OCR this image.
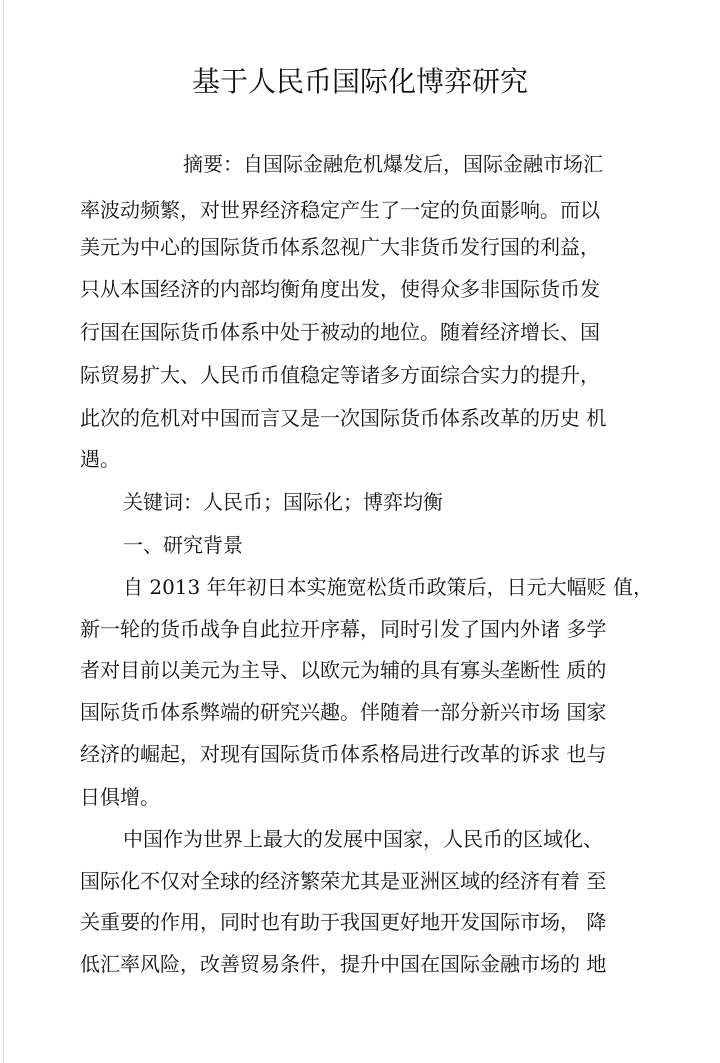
基于人民币国际化博弈研究
摘要：自国际金融危机爆发后，国际金融市场汇
率波动频繁，对世界经济稳定产生了一定的负面影响。而以
美元为中心的国际货币体系忽视广大非货币发行国的利益，
只从本国经济的内部均衡角度出发，使得众多非国际货币发
行国在国际货币体系中处于被动的地位。随着经济增长、国
际贸易扩大、人民币币值稳定等诸多方面综合实力的提升，
此次的危机对中国而言又是一次国际货币体系改革的历史 机
遇。
关键词：人民币；国际化；博弈均衡
一、研究背景
自 2013 年年初日本实施宽松货币政策后，日元大幅贬 值，
新一轮的货币战争自此拉开序幕，同时引发了国内外诸 多学
者对目前以美元为主导、以欧元为辅的具有寡头垄断性 质的
国际货币体系弊端的研究兴趣。伴随着一部分新兴市场 国家
经济的崛起，对现有国际货币体系格局进行改革的诉求 也与
日俱增。
中国作为世界上最大的发展中国家，人民币的区域化、
国际化不仅对全球的经济繁荣尤其是亚洲区域的经济有着 至
关重要的作用，同时也有助于我国更好地开发国际市场， 降
低汇率风险，改善贸易条件，提升中国在国际金融市场的 地
